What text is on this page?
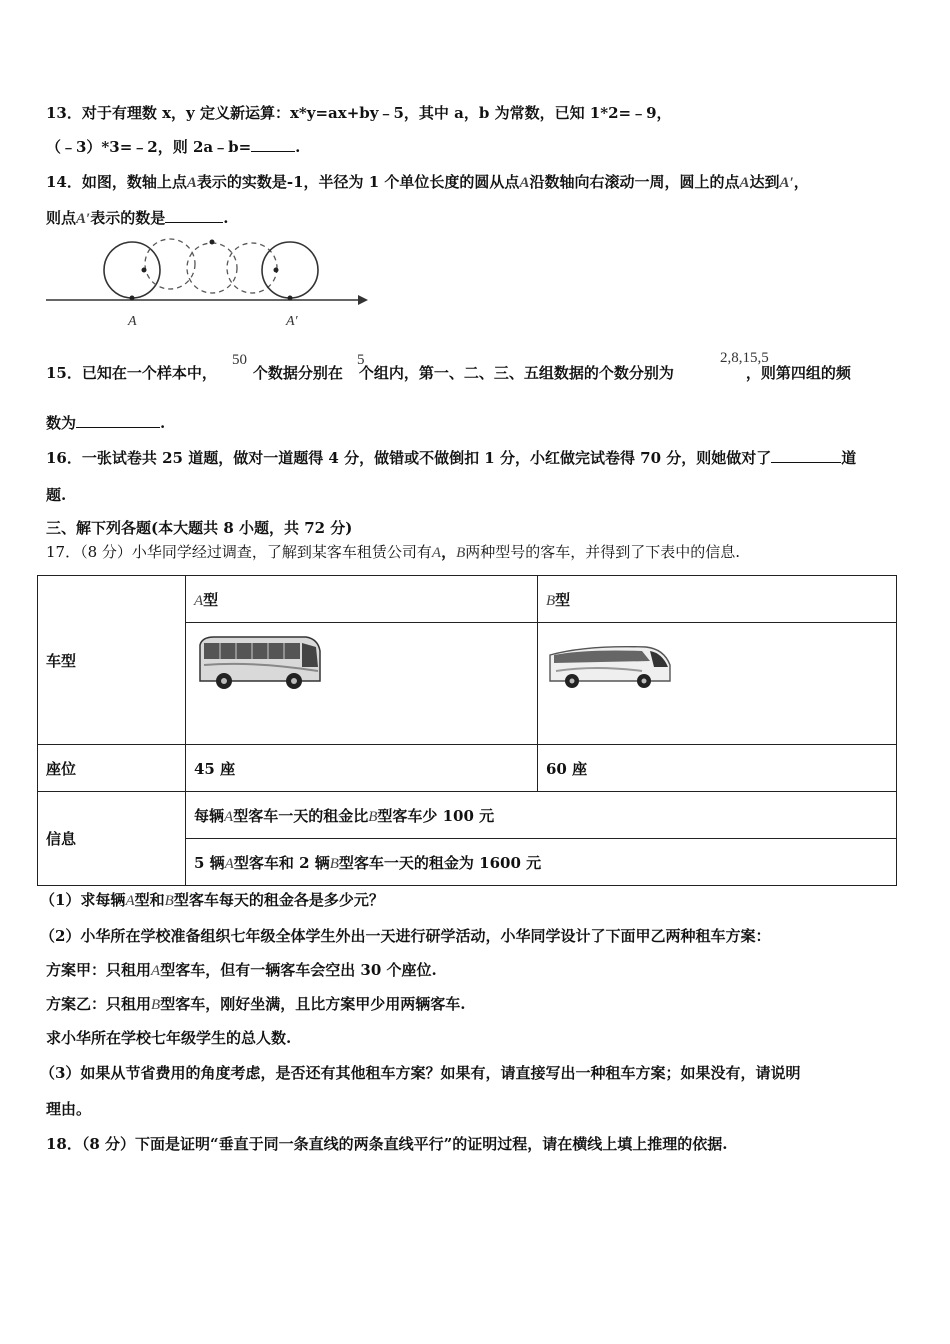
13．对于有理数 x，y 定义新运算：x*y=ax+by﹣5，其中 a，b 为常数，已知 1*2=﹣9，
（﹣3）*3=﹣2，则 2a﹣b=	.
14．如图，数轴上点A表示的实数是-1，半径为 1 个单位长度的圆从点A沿数轴向右滚动一周，圆上的点A达到A′，
则点A′表示的数是	.
A	A′
15．已知在一个样本中， 个数据分别在 个组内，第一、二、三、五组数据的个数分别为	，则第四组的频
50	5	2,8,15,5
数为	.
16．一张试卷共 25 道题，做对一道题得 4 分，做错或不做倒扣 1 分，小红做完试卷得 70 分，则她做对了	道
题.
三、解下列各题(本大题共 8 小题，共 72 分)
17．（8 分）小华同学经过调查，了解到某客车租赁公司有A，B两种型号的客车，并得到了下表中的信息.
车型	A型	B型

座位	45 座	60 座
信息	每辆A型客车一天的租金比B型客车少 100 元	
	5 辆A型客车和 2 辆B型客车一天的租金为 1600 元	
（1）求每辆A型和B型客车每天的租金各是多少元？
（2）小华所在学校准备组织七年级全体学生外出一天进行研学活动，小华同学设计了下面甲乙两种租车方案：
方案甲：只租用A型客车，但有一辆客车会空出 30 个座位.
方案乙：只租用B型客车，刚好坐满，且比方案甲少用两辆客车.
求小华所在学校七年级学生的总人数.
（3）如果从节省费用的角度考虑，是否还有其他租车方案？如果有，请直接写出一种租车方案；如果没有，请说明
理由。
18．（8 分）下面是证明“垂直于同一条直线的两条直线平行”的证明过程，请在横线上填上推理的依据.
